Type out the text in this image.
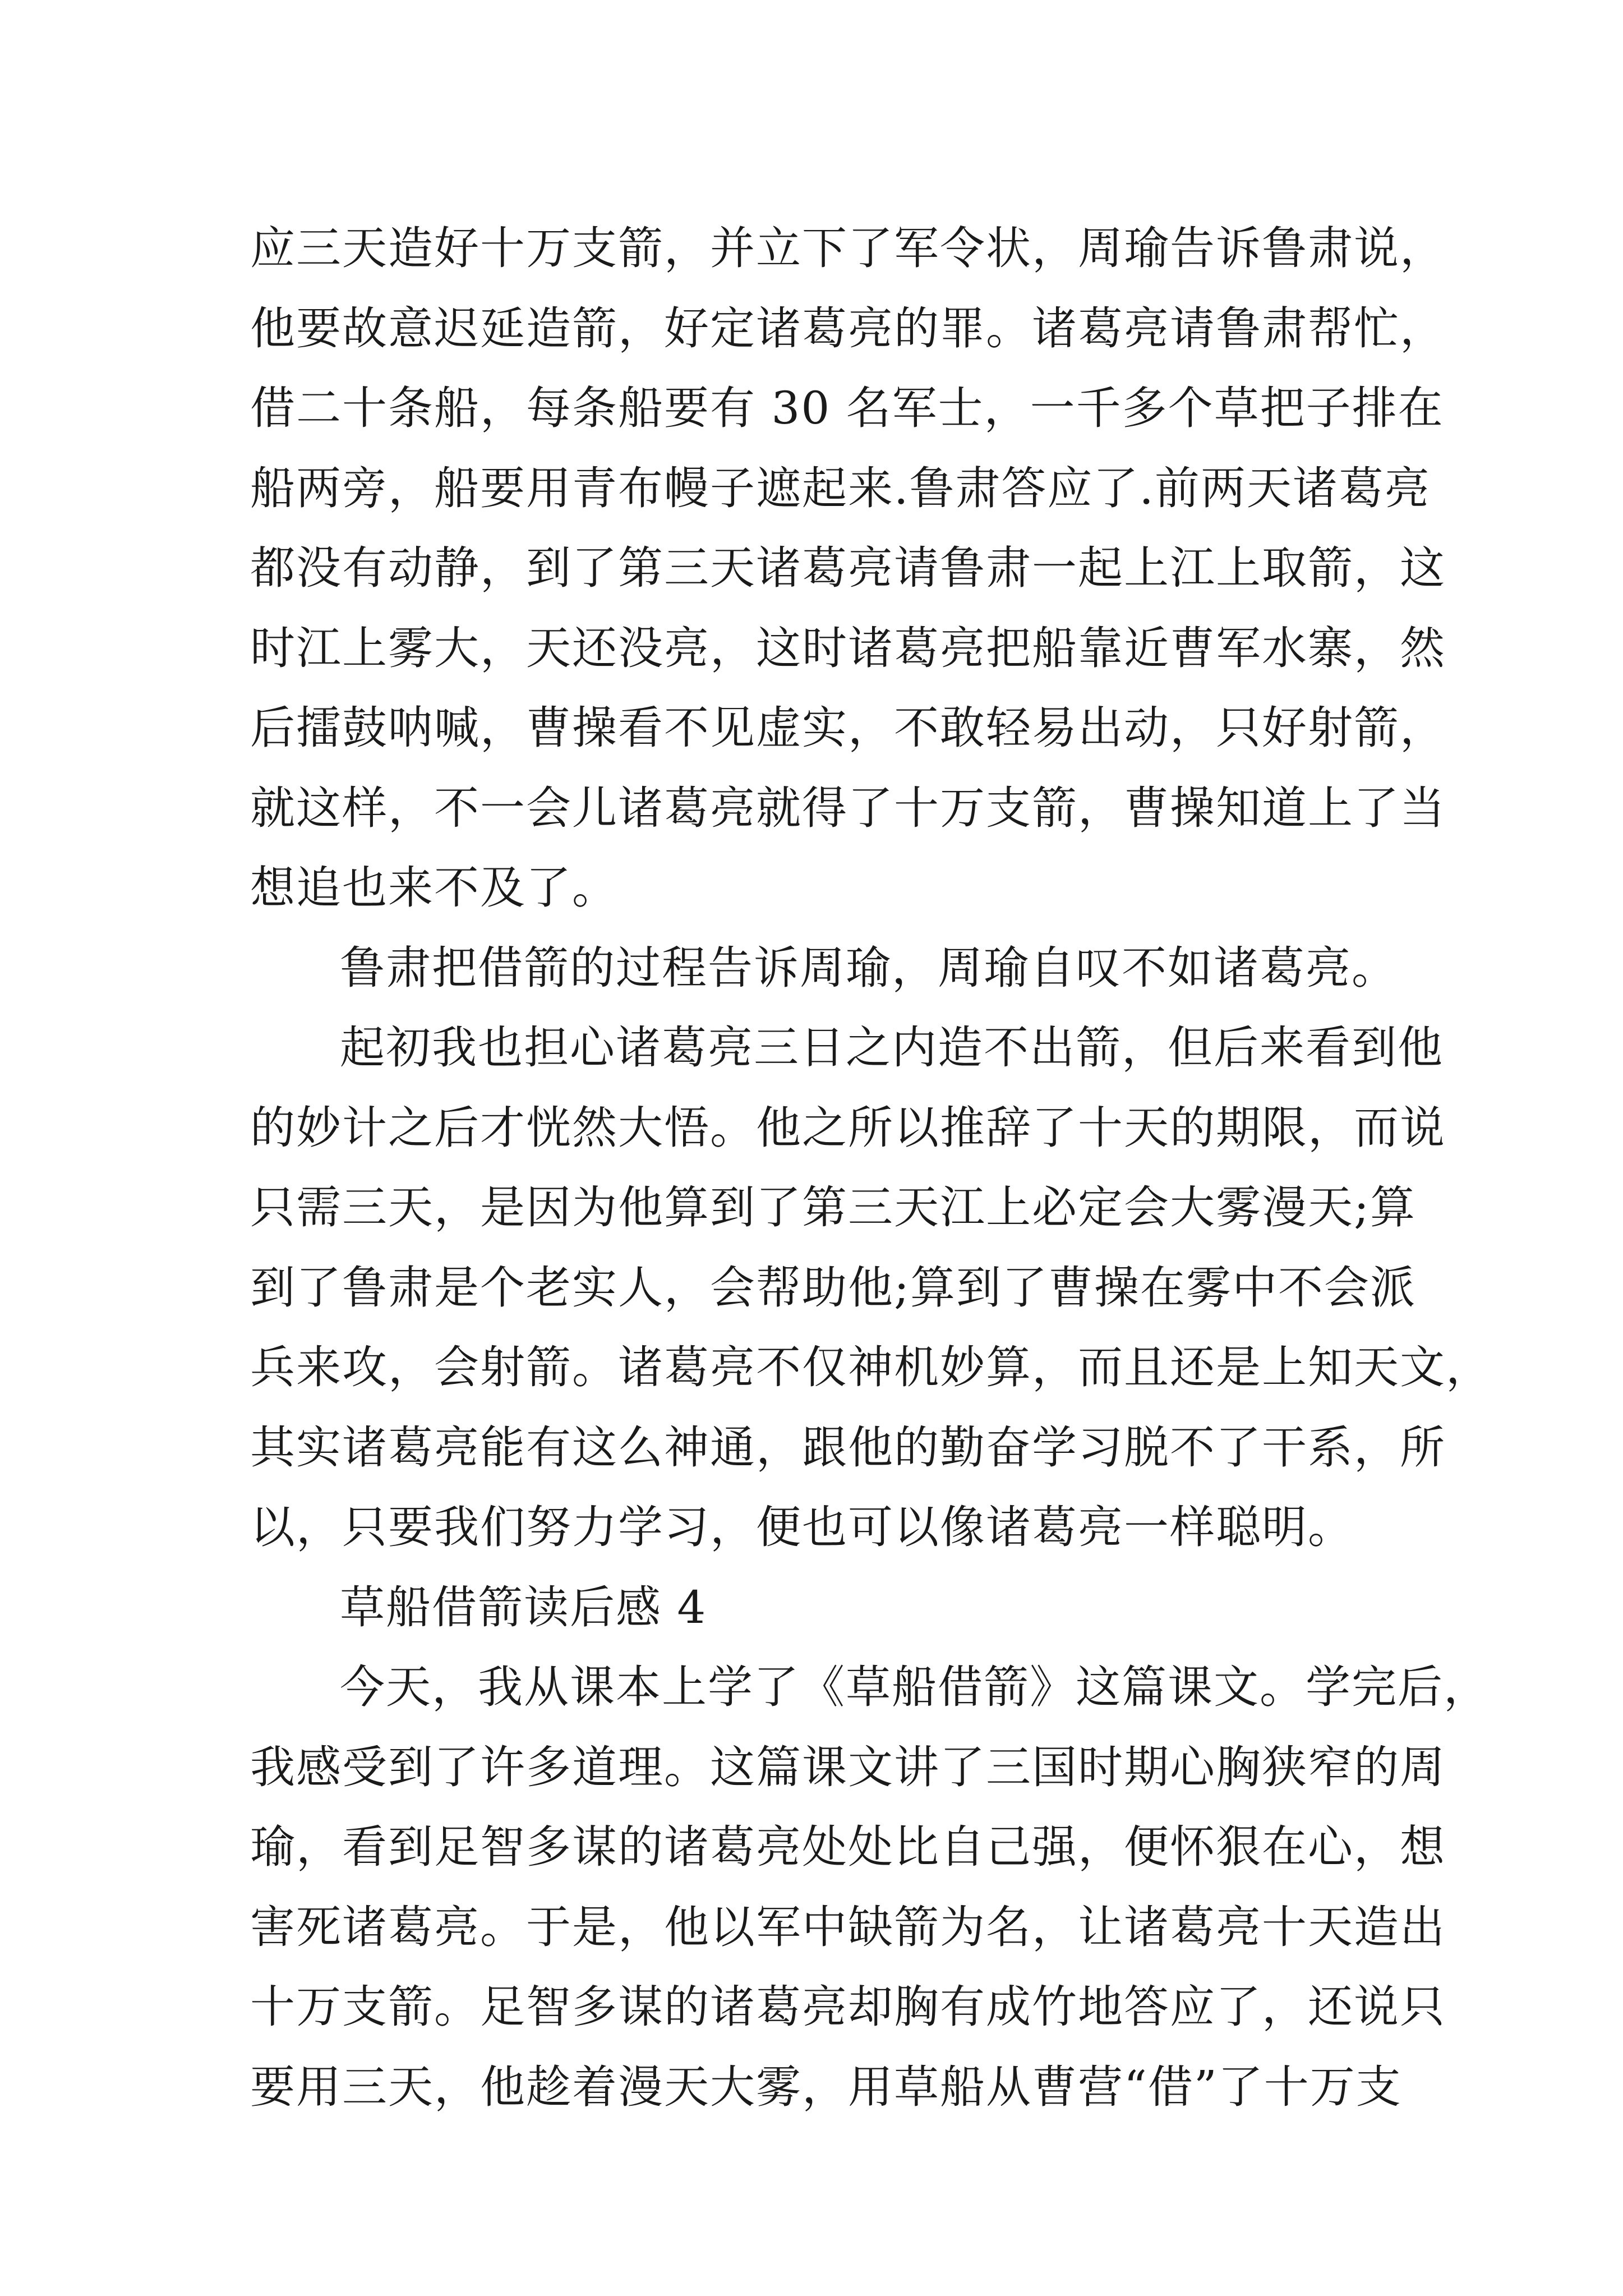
应三天造好十万支箭，并立下了军令状，周瑜告诉鲁肃说，
他要故意迟延造箭，好定诸葛亮的罪。诸葛亮请鲁肃帮忙，
借二十条船，每条船要有 30 名军士，一千多个草把子排在
船两旁，船要用青布幔子遮起来.鲁肃答应了.前两天诸葛亮
都没有动静，到了第三天诸葛亮请鲁肃一起上江上取箭，这
时江上雾大，天还没亮，这时诸葛亮把船靠近曹军水寨，然
后擂鼓呐喊，曹操看不见虚实，不敢轻易出动，只好射箭，
就这样，不一会儿诸葛亮就得了十万支箭，曹操知道上了当
想追也来不及了。
鲁肃把借箭的过程告诉周瑜，周瑜自叹不如诸葛亮。
起初我也担心诸葛亮三日之内造不出箭，但后来看到他
的妙计之后才恍然大悟。他之所以推辞了十天的期限，而说
只需三天，是因为他算到了第三天江上必定会大雾漫天;算
到了鲁肃是个老实人，会帮助他;算到了曹操在雾中不会派
兵来攻，会射箭。诸葛亮不仅神机妙算，而且还是上知天文，
其实诸葛亮能有这么神通，跟他的勤奋学习脱不了干系，所
以，只要我们努力学习，便也可以像诸葛亮一样聪明。
草船借箭读后感 4
今天，我从课本上学了《草船借箭》这篇课文。学完后，
我感受到了许多道理。这篇课文讲了三国时期心胸狭窄的周
瑜，看到足智多谋的诸葛亮处处比自己强，便怀狠在心，想
害死诸葛亮。于是，他以军中缺箭为名，让诸葛亮十天造出
十万支箭。足智多谋的诸葛亮却胸有成竹地答应了，还说只
要用三天，他趁着漫天大雾，用草船从曹营“借”了十万支
